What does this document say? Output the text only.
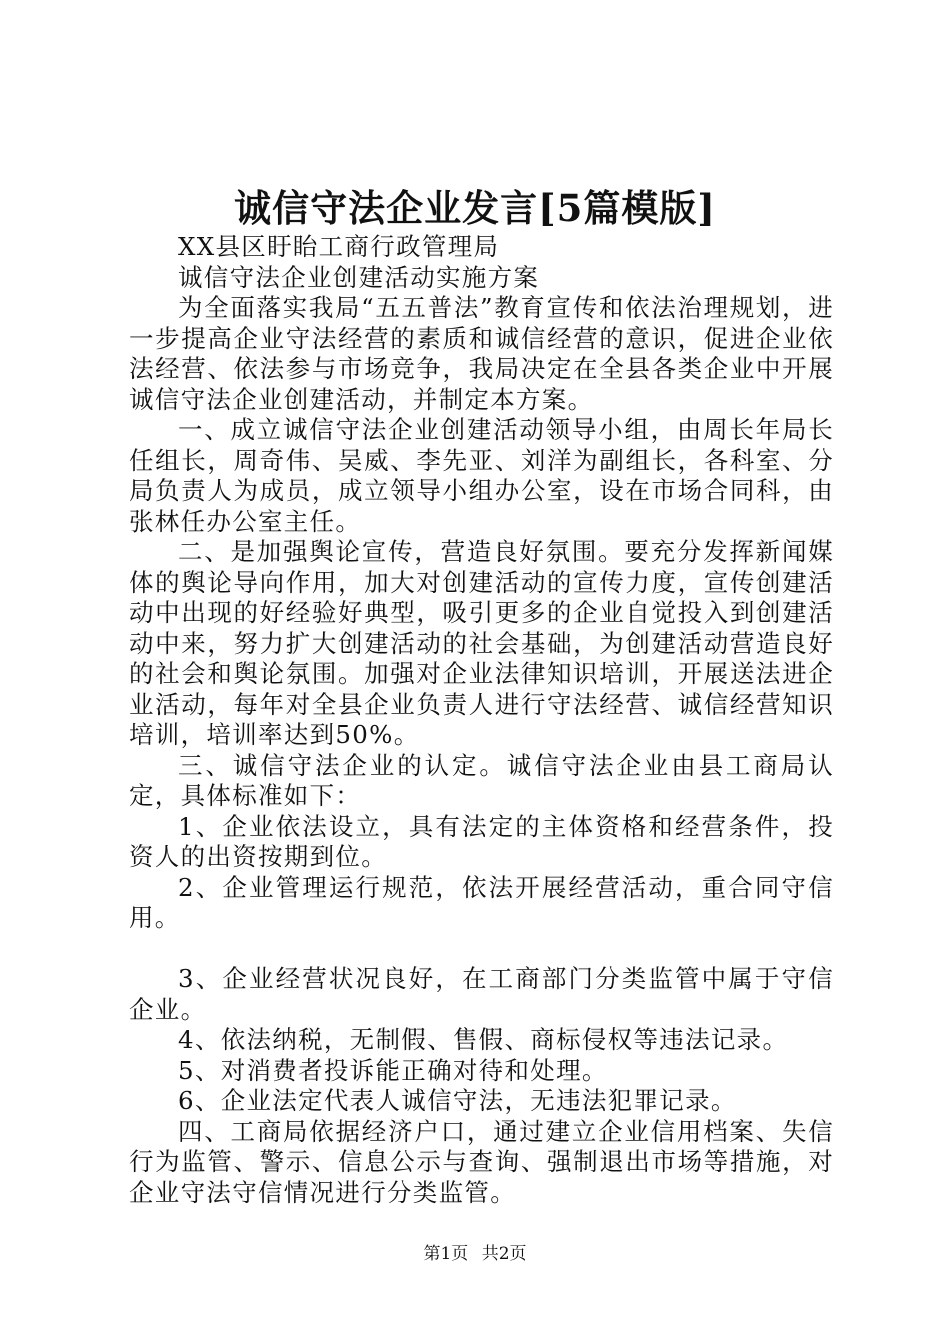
诚信守法企业发言[5篇模版]

XX县区盱眙工商行政管理局

诚信守法企业创建活动实施方案

为全面落实我局“五五普法”教育宣传和依法治理规划，进一步提高企业守法经营的素质和诚信经营的意识，促进企业依法经营、依法参与市场竞争，我局决定在全县各类企业中开展诚信守法企业创建活动，并制定本方案。

一、成立诚信守法企业创建活动领导小组，由周长年局长任组长，周奇伟、吴威、李先亚、刘洋为副组长，各科室、分局负责人为成员，成立领导小组办公室，设在市场合同科，由张林任办公室主任。

二、是加强舆论宣传，营造良好氛围。要充分发挥新闻媒体的舆论导向作用，加大对创建活动的宣传力度，宣传创建活动中出现的好经验好典型，吸引更多的企业自觉投入到创建活动中来，努力扩大创建活动的社会基础，为创建活动营造良好的社会和舆论氛围。加强对企业法律知识培训，开展送法进企业活动，每年对全县企业负责人进行守法经营、诚信经营知识培训，培训率达到50%。

三、诚信守法企业的认定。诚信守法企业由县工商局认定，具体标准如下：

1、企业依法设立，具有法定的主体资格和经营条件，投资人的出资按期到位。

2、企业管理运行规范，依法开展经营活动，重合同守信用。

3、企业经营状况良好，在工商部门分类监管中属于守信企业。

4、依法纳税，无制假、售假、商标侵权等违法记录。

5、对消费者投诉能正确对待和处理。

6、企业法定代表人诚信守法，无违法犯罪记录。

四、工商局依据经济户口，通过建立企业信用档案、失信行为监管、警示、信息公示与查询、强制退出市场等措施，对企业守法守信情况进行分类监管。

第1页 共2页
